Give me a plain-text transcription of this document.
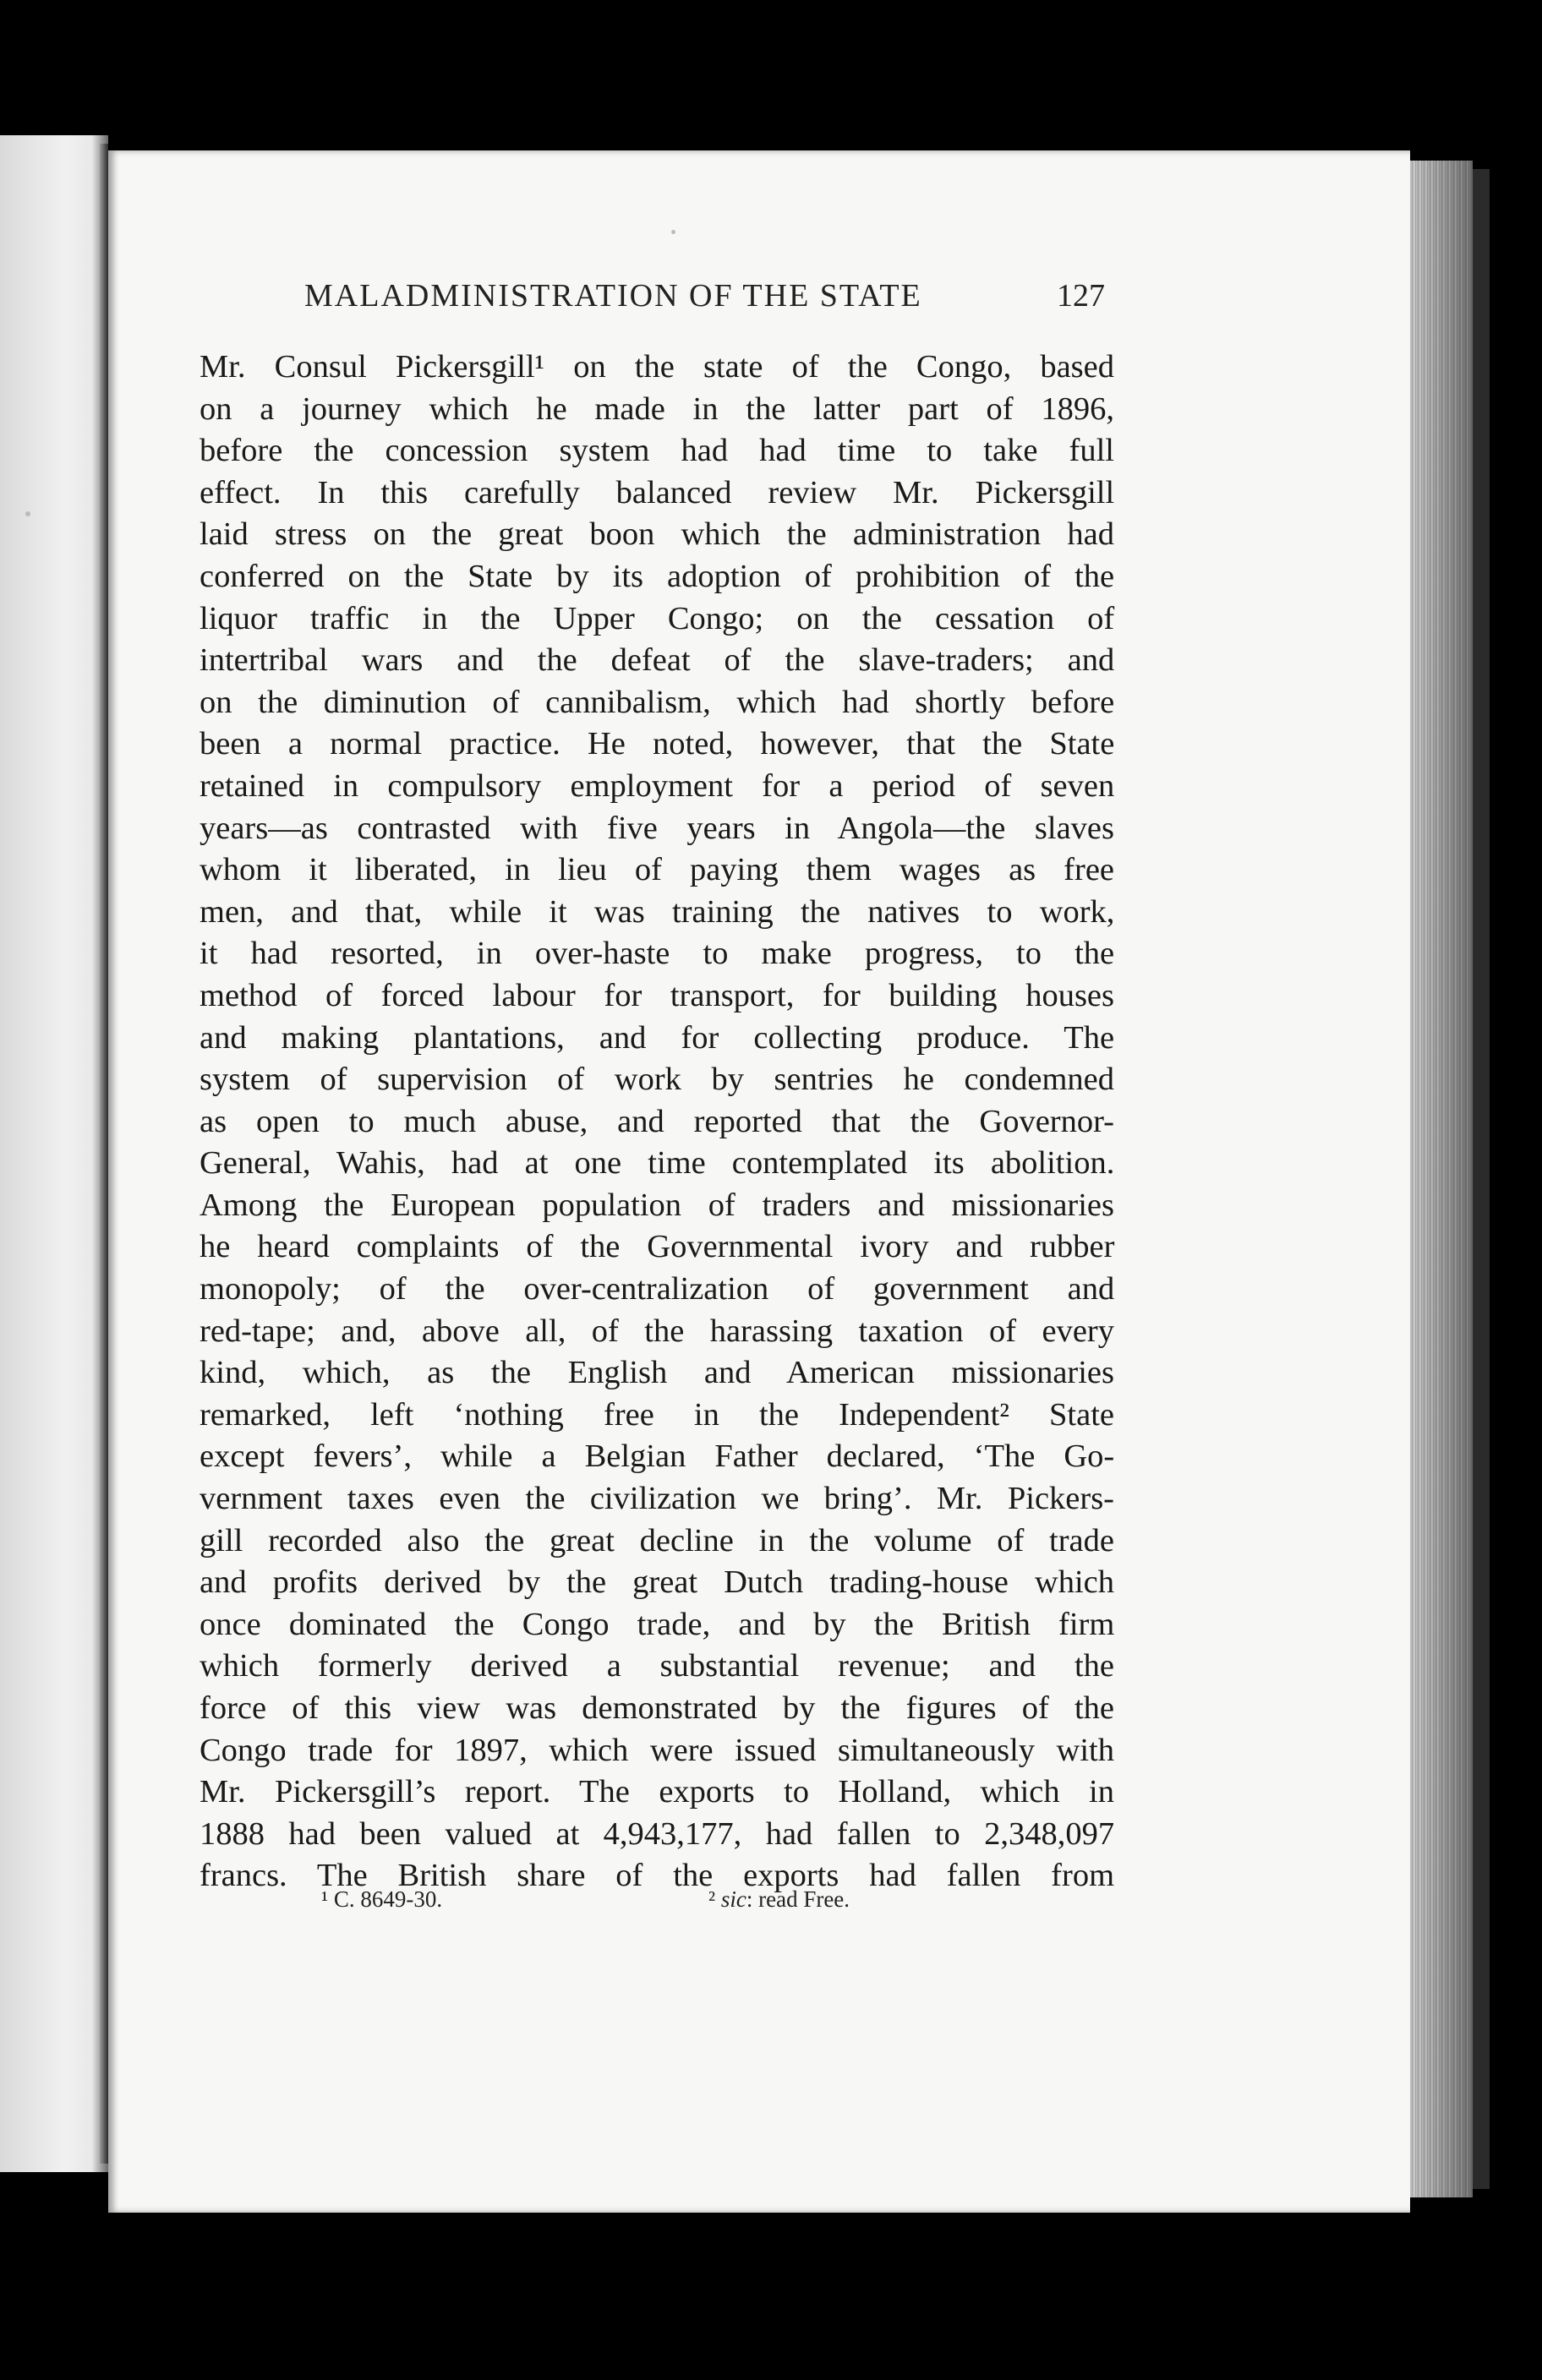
MALADMINISTRATION OF THE STATE	127
Mr. Consul Pickersgill¹ on the state of the Congo, based
on a journey which he made in the latter part of 1896,
before the concession system had had time to take full
effect. In this carefully balanced review Mr. Pickersgill
laid stress on the great boon which the administration had
conferred on the State by its adoption of prohibition of the
liquor traffic in the Upper Congo; on the cessation of
intertribal wars and the defeat of the slave-traders; and
on the diminution of cannibalism, which had shortly before
been a normal practice. He noted, however, that the State
retained in compulsory employment for a period of seven
years—as contrasted with five years in Angola—the slaves
whom it liberated, in lieu of paying them wages as free
men, and that, while it was training the natives to work,
it had resorted, in over-haste to make progress, to the
method of forced labour for transport, for building houses
and making plantations, and for collecting produce. The
system of supervision of work by sentries he condemned
as open to much abuse, and reported that the Governor-
General, Wahis, had at one time contemplated its abolition.
Among the European population of traders and missionaries
he heard complaints of the Governmental ivory and rubber
monopoly; of the over-centralization of government and
red-tape; and, above all, of the harassing taxation of every
kind, which, as the English and American missionaries
remarked, left ‘nothing free in the Independent² State
except fevers’, while a Belgian Father declared, ‘The Go-
vernment taxes even the civilization we bring’. Mr. Pickers-
gill recorded also the great decline in the volume of trade
and profits derived by the great Dutch trading-house which
once dominated the Congo trade, and by the British firm
which formerly derived a substantial revenue; and the
force of this view was demonstrated by the figures of the
Congo trade for 1897, which were issued simultaneously with
Mr. Pickersgill’s report. The exports to Holland, which in
1888 had been valued at 4,943,177, had fallen to 2,348,097
francs. The British share of the exports had fallen from
¹ C. 8649-30.	² sic: read Free.
